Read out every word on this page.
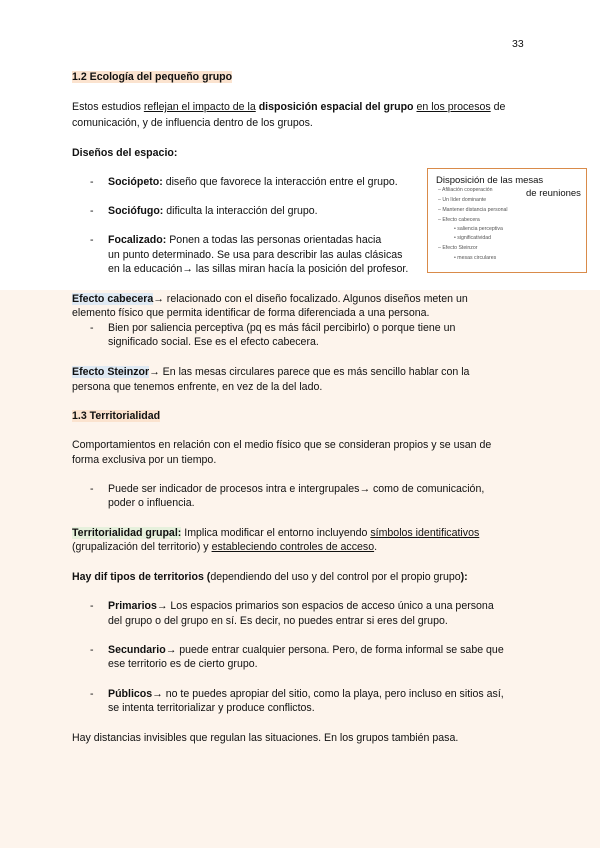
33
1.2 Ecología del pequeño grupo
Estos estudios reflejan el impacto de la disposición espacial del grupo en los procesos de
comunicación, y de influencia dentro de los grupos.
Diseños del espacio:
- Sociópeto: diseño que favorece la interacción entre el grupo.
- Sociófugo: dificulta la interacción del grupo.
- Focalizado: Ponen a todas las personas orientadas hacia
un punto determinado. Se usa para describir las aulas clásicas
en la educación→ las sillas miran hacía la posición del profesor.
Disposición de las mesas
de reuniones
– Afiliación cooperación
– Un líder dominante
– Mantener distancia personal
– Efecto cabecera
• saliencia perceptiva
• significatividad
– Efecto Steinzor
• mesas circulares
Efecto cabecera→ relacionado con el diseño focalizado. Algunos diseños meten un
elemento físico que permita identificar de forma diferenciada a una persona.
- Bien por saliencia perceptiva (pq es más fácil percibirlo) o porque tiene un
significado social. Ese es el efecto cabecera.
Efecto Steinzor→ En las mesas circulares parece que es más sencillo hablar con la
persona que tenemos enfrente, en vez de la del lado.
1.3 Territorialidad
Comportamientos en relación con el medio físico que se consideran propios y se usan de
forma exclusiva por un tiempo.
- Puede ser indicador de procesos intra e intergrupales→ como de comunicación,
poder o influencia.
Territorialidad grupal: Implica modificar el entorno incluyendo símbolos identificativos
(grupalización del territorio) y estableciendo controles de acceso.
Hay dif tipos de territorios (dependiendo del uso y del control por el propio grupo):
- Primarios→ Los espacios primarios son espacios de acceso único a una persona
del grupo o del grupo en sí. Es decir, no puedes entrar si eres del grupo.
- Secundario→ puede entrar cualquier persona. Pero, de forma informal se sabe que
ese territorio es de cierto grupo.
- Públicos→ no te puedes apropiar del sitio, como la playa, pero incluso en sitios así,
se intenta territorializar y produce conflictos.
Hay distancias invisibles que regulan las situaciones. En los grupos también pasa.
